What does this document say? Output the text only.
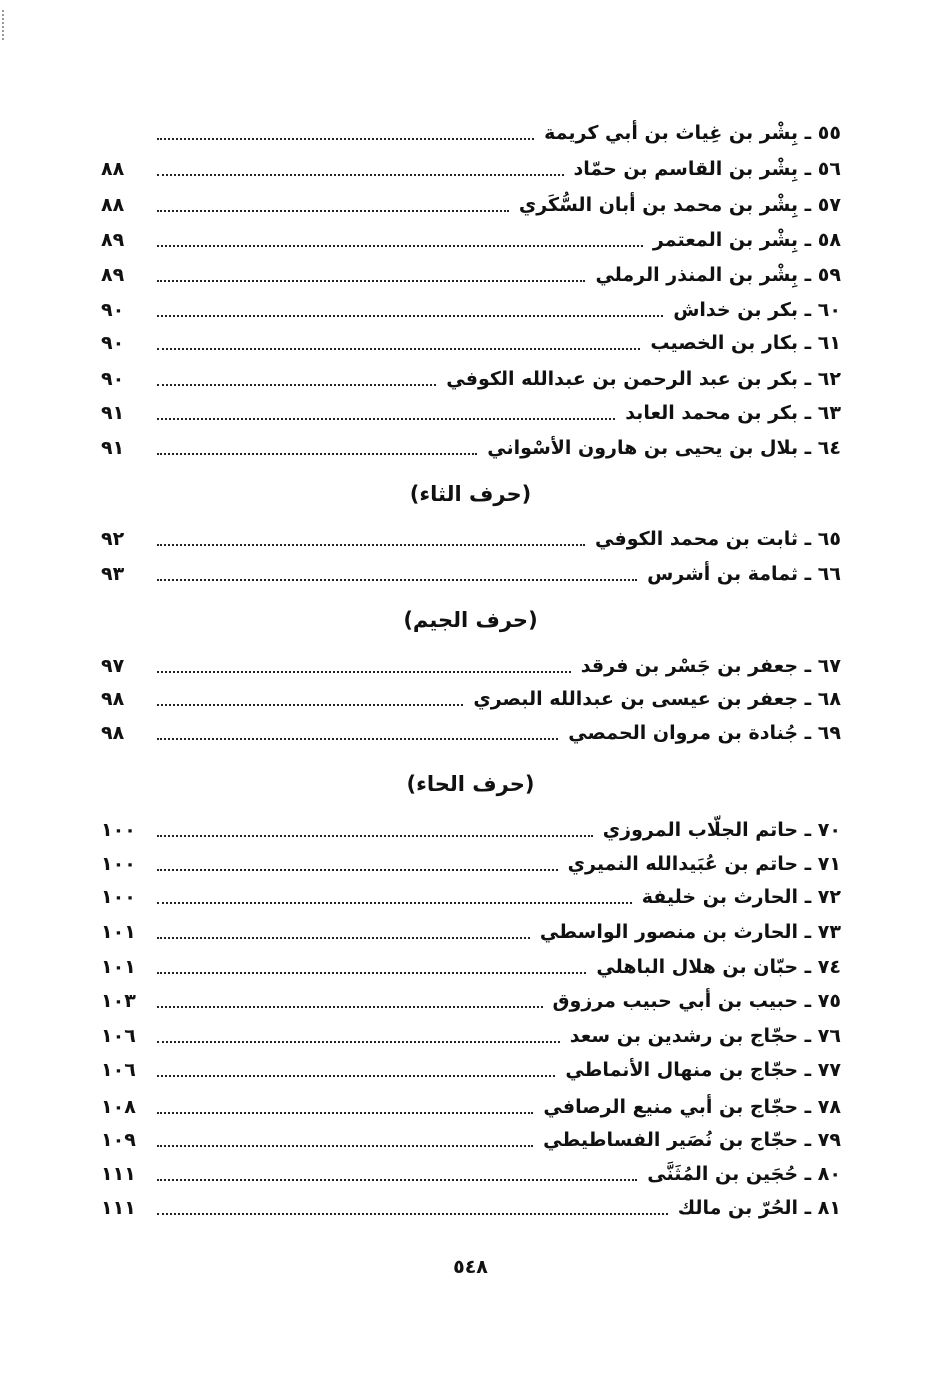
٥٥ ـ بِشْر بن غِياث بن أبي كريمة
٥٦ ـ بِشْر بن القاسم بن حمّاد
٨٨
٥٧ ـ بِشْر بن محمد بن أبان السُّكَري
٨٨
٥٨ ـ بِشْر بن المعتمر
٨٩
٥٩ ـ بِشْر بن المنذر الرملي
٨٩
٦٠ ـ بكر بن خداش
٩٠
٦١ ـ بكار بن الخصيب
٩٠
٦٢ ـ بكر بن عبد الرحمن بن عبدالله الكوفي
٩٠
٦٣ ـ بكر بن محمد العابد
٩١
٦٤ ـ بلال بن يحيى بن هارون الأسْواني
٩١
(حرف الثاء)
٦٥ ـ ثابت بن محمد الكوفي
٩٢
٦٦ ـ ثمامة بن أشرس
٩٣
(حرف الجيم)
٦٧ ـ جعفر بن جَسْر بن فرقد
٩٧
٦٨ ـ جعفر بن عيسى بن عبدالله البصري
٩٨
٦٩ ـ جُنادة بن مروان الحمصي
٩٨
(حرف الحاء)
٧٠ ـ حاتم الجلّاب المروزي
١٠٠
٧١ ـ حاتم بن عُبَيدالله النميري
١٠٠
٧٢ ـ الحارث بن خليفة
١٠٠
٧٣ ـ الحارث بن منصور الواسطي
١٠١
٧٤ ـ حبّان بن هلال الباهلي
١٠١
٧٥ ـ حبيب بن أبي حبيب مرزوق
١٠٣
٧٦ ـ حجّاج بن رشدين بن سعد
١٠٦
٧٧ ـ حجّاج بن منهال الأنماطي
١٠٦
٧٨ ـ حجّاج بن أبي منيع الرصافي
١٠٨
٧٩ ـ حجّاج بن نُصَير الفساطيطي
١٠٩
٨٠ ـ حُجَين بن المُثَنَّى
١١١
٨١ ـ الحُرّ بن مالك
١١١
٥٤٨
